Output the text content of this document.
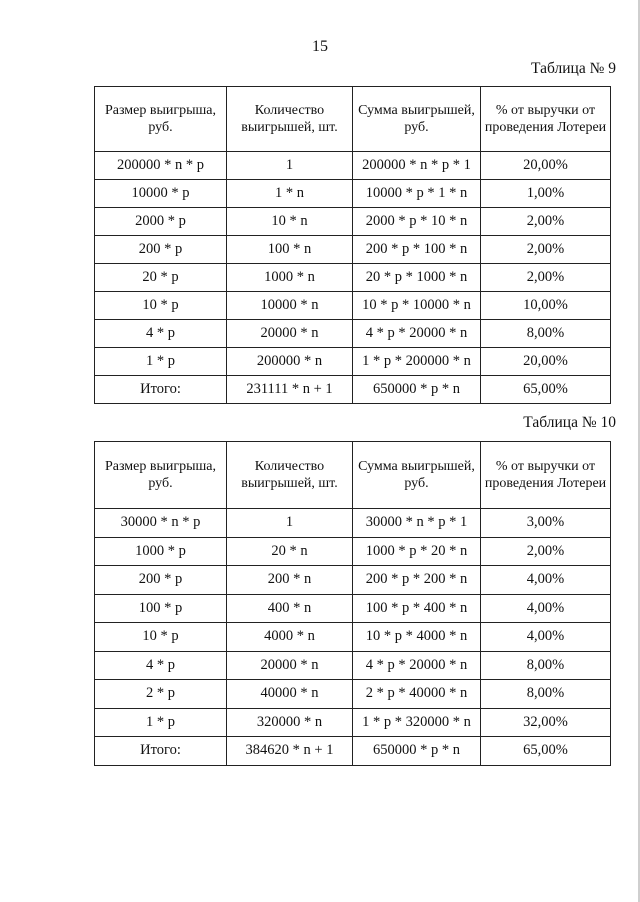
15
Таблица № 9
Размер выигрыша, руб.	Количество выигрышей, шт.	Сумма выигрышей, руб.	% от выручки от проведения Лотереи
200000 * n * p	1	200000 * n * p * 1	20,00%
10000 * p	1 * n	10000 * p * 1 * n	1,00%
2000 * p	10 * n	2000 * p * 10 * n	2,00%
200 * p	100 * n	200 * p * 100 * n	2,00%
20 * p	1000 * n	20 * p * 1000 * n	2,00%
10 * p	10000 * n	10 * p * 10000 * n	10,00%
4 * p	20000 * n	4 * p * 20000 * n	8,00%
1 * p	200000 * n	1 * p * 200000 * n	20,00%
Итого:	231111 * n + 1	650000 * p * n	65,00%
Таблица № 10
Размер выигрыша, руб.	Количество выигрышей, шт.	Сумма выигрышей, руб.	% от выручки от проведения Лотереи
30000 * n * p	1	30000 * n * p * 1	3,00%
1000 * p	20 * n	1000 * p * 20 * n	2,00%
200 * p	200 * n	200 * p * 200 * n	4,00%
100 * p	400 * n	100 * p * 400 * n	4,00%
10 * p	4000 * n	10 * p * 4000 * n	4,00%
4 * p	20000 * n	4 * p * 20000 * n	8,00%
2 * p	40000 * n	2 * p * 40000 * n	8,00%
1 * p	320000 * n	1 * p * 320000 * n	32,00%
Итого:	384620 * n + 1	650000 * p * n	65,00%
